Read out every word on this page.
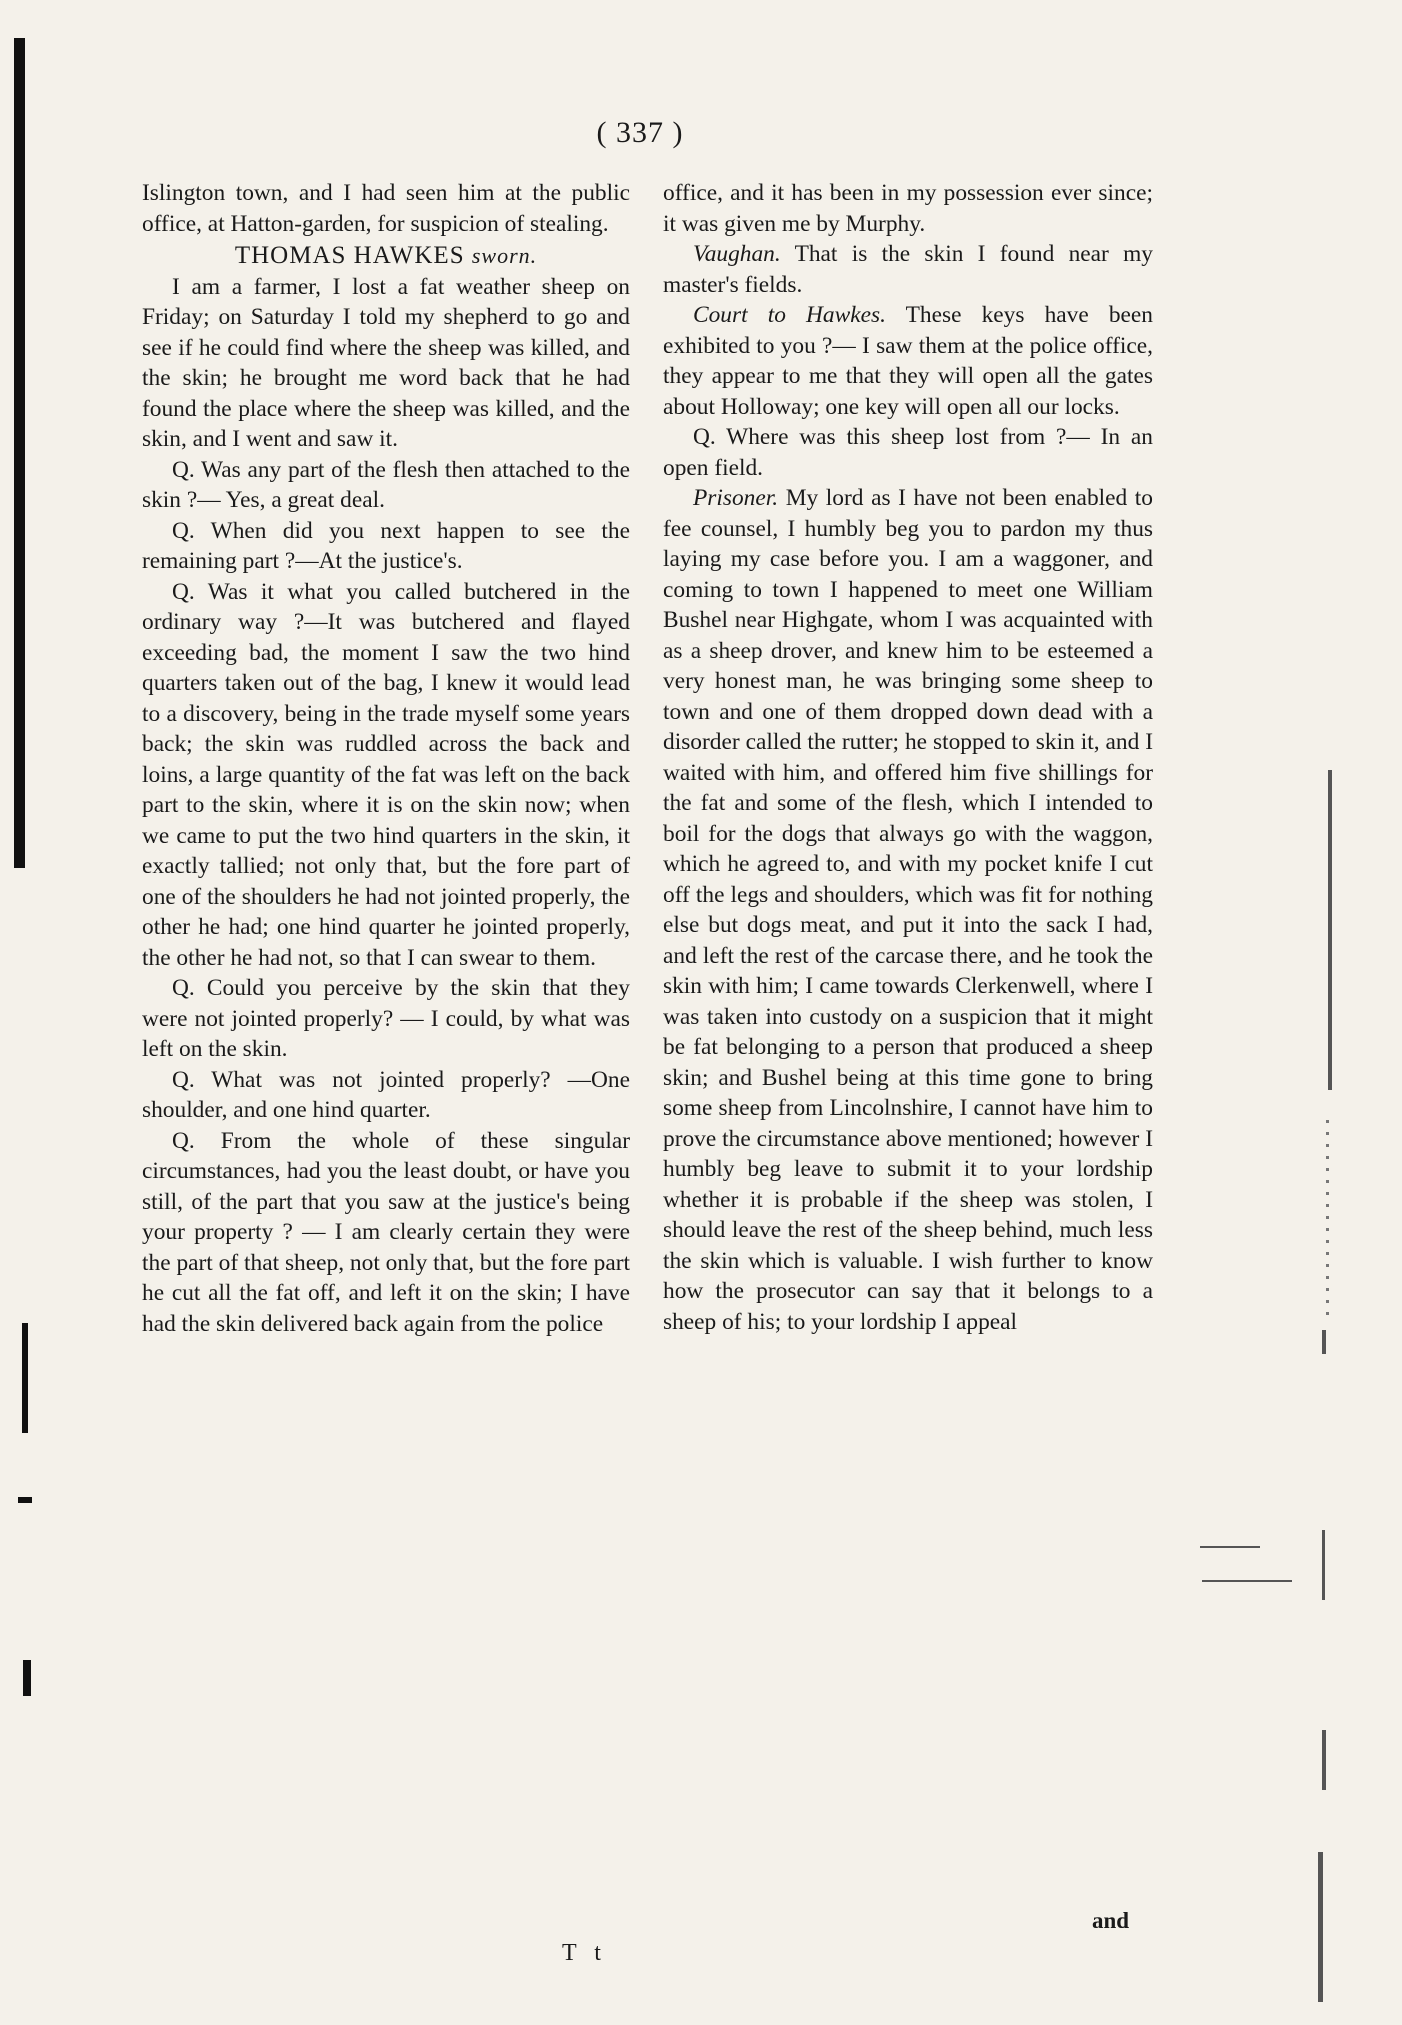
( 337 )

Islington town, and I had seen him at the public office, at Hatton-garden, for suspicion of stealing.

THOMAS HAWKES sworn.

I am a farmer, I lost a fat weather sheep on Friday; on Saturday I told my shepherd to go and see if he could find where the sheep was killed, and the skin; he brought me word back that he had found the place where the sheep was killed, and the skin, and I went and saw it.

Q. Was any part of the flesh then attached to the skin ?— Yes, a great deal.

Q. When did you next happen to see the remaining part ?—At the justice's.

Q. Was it what you called butchered in the ordinary way ?—It was butchered and flayed exceeding bad, the moment I saw the two hind quarters taken out of the bag, I knew it would lead to a discovery, being in the trade myself some years back; the skin was ruddled across the back and loins, a large quantity of the fat was left on the back part to the skin, where it is on the skin now; when we came to put the two hind quarters in the skin, it exactly tallied; not only that, but the fore part of one of the shoulders he had not jointed properly, the other he had; one hind quarter he jointed properly, the other he had not, so that I can swear to them.

Q. Could you perceive by the skin that they were not jointed properly? — I could, by what was left on the skin.

Q. What was not jointed properly? —One shoulder, and one hind quarter.

Q. From the whole of these singular circumstances, had you the least doubt, or have you still, of the part that you saw at the justice's being your property ? — I am clearly certain they were the part of that sheep, not only that, but the fore part he cut all the fat off, and left it on the skin; I have had the skin delivered back again from the police

office, and it has been in my possession ever since; it was given me by Murphy.

Vaughan. That is the skin I found near my master's fields.

Court to Hawkes. These keys have been exhibited to you ?— I saw them at the police office, they appear to me that they will open all the gates about Holloway; one key will open all our locks.

Q. Where was this sheep lost from ?— In an open field.

Prisoner. My lord as I have not been enabled to fee counsel, I humbly beg you to pardon my thus laying my case before you. I am a waggoner, and coming to town I happened to meet one William Bushel near Highgate, whom I was acquainted with as a sheep drover, and knew him to be esteemed a very honest man, he was bringing some sheep to town and one of them dropped down dead with a disorder called the rutter; he stopped to skin it, and I waited with him, and offered him five shillings for the fat and some of the flesh, which I intended to boil for the dogs that always go with the waggon, which he agreed to, and with my pocket knife I cut off the legs and shoulders, which was fit for nothing else but dogs meat, and put it into the sack I had, and left the rest of the carcase there, and he took the skin with him; I came towards Clerkenwell, where I was taken into custody on a suspicion that it might be fat belonging to a person that produced a sheep skin; and Bushel being at this time gone to bring some sheep from Lincolnshire, I cannot have him to prove the circumstance above mentioned; however I humbly beg leave to submit it to your lordship whether it is probable if the sheep was stolen, I should leave the rest of the sheep behind, much less the skin which is valuable. I wish further to know how the prosecutor can say that it belongs to a sheep of his; to your lordship I appeal

and
T t
